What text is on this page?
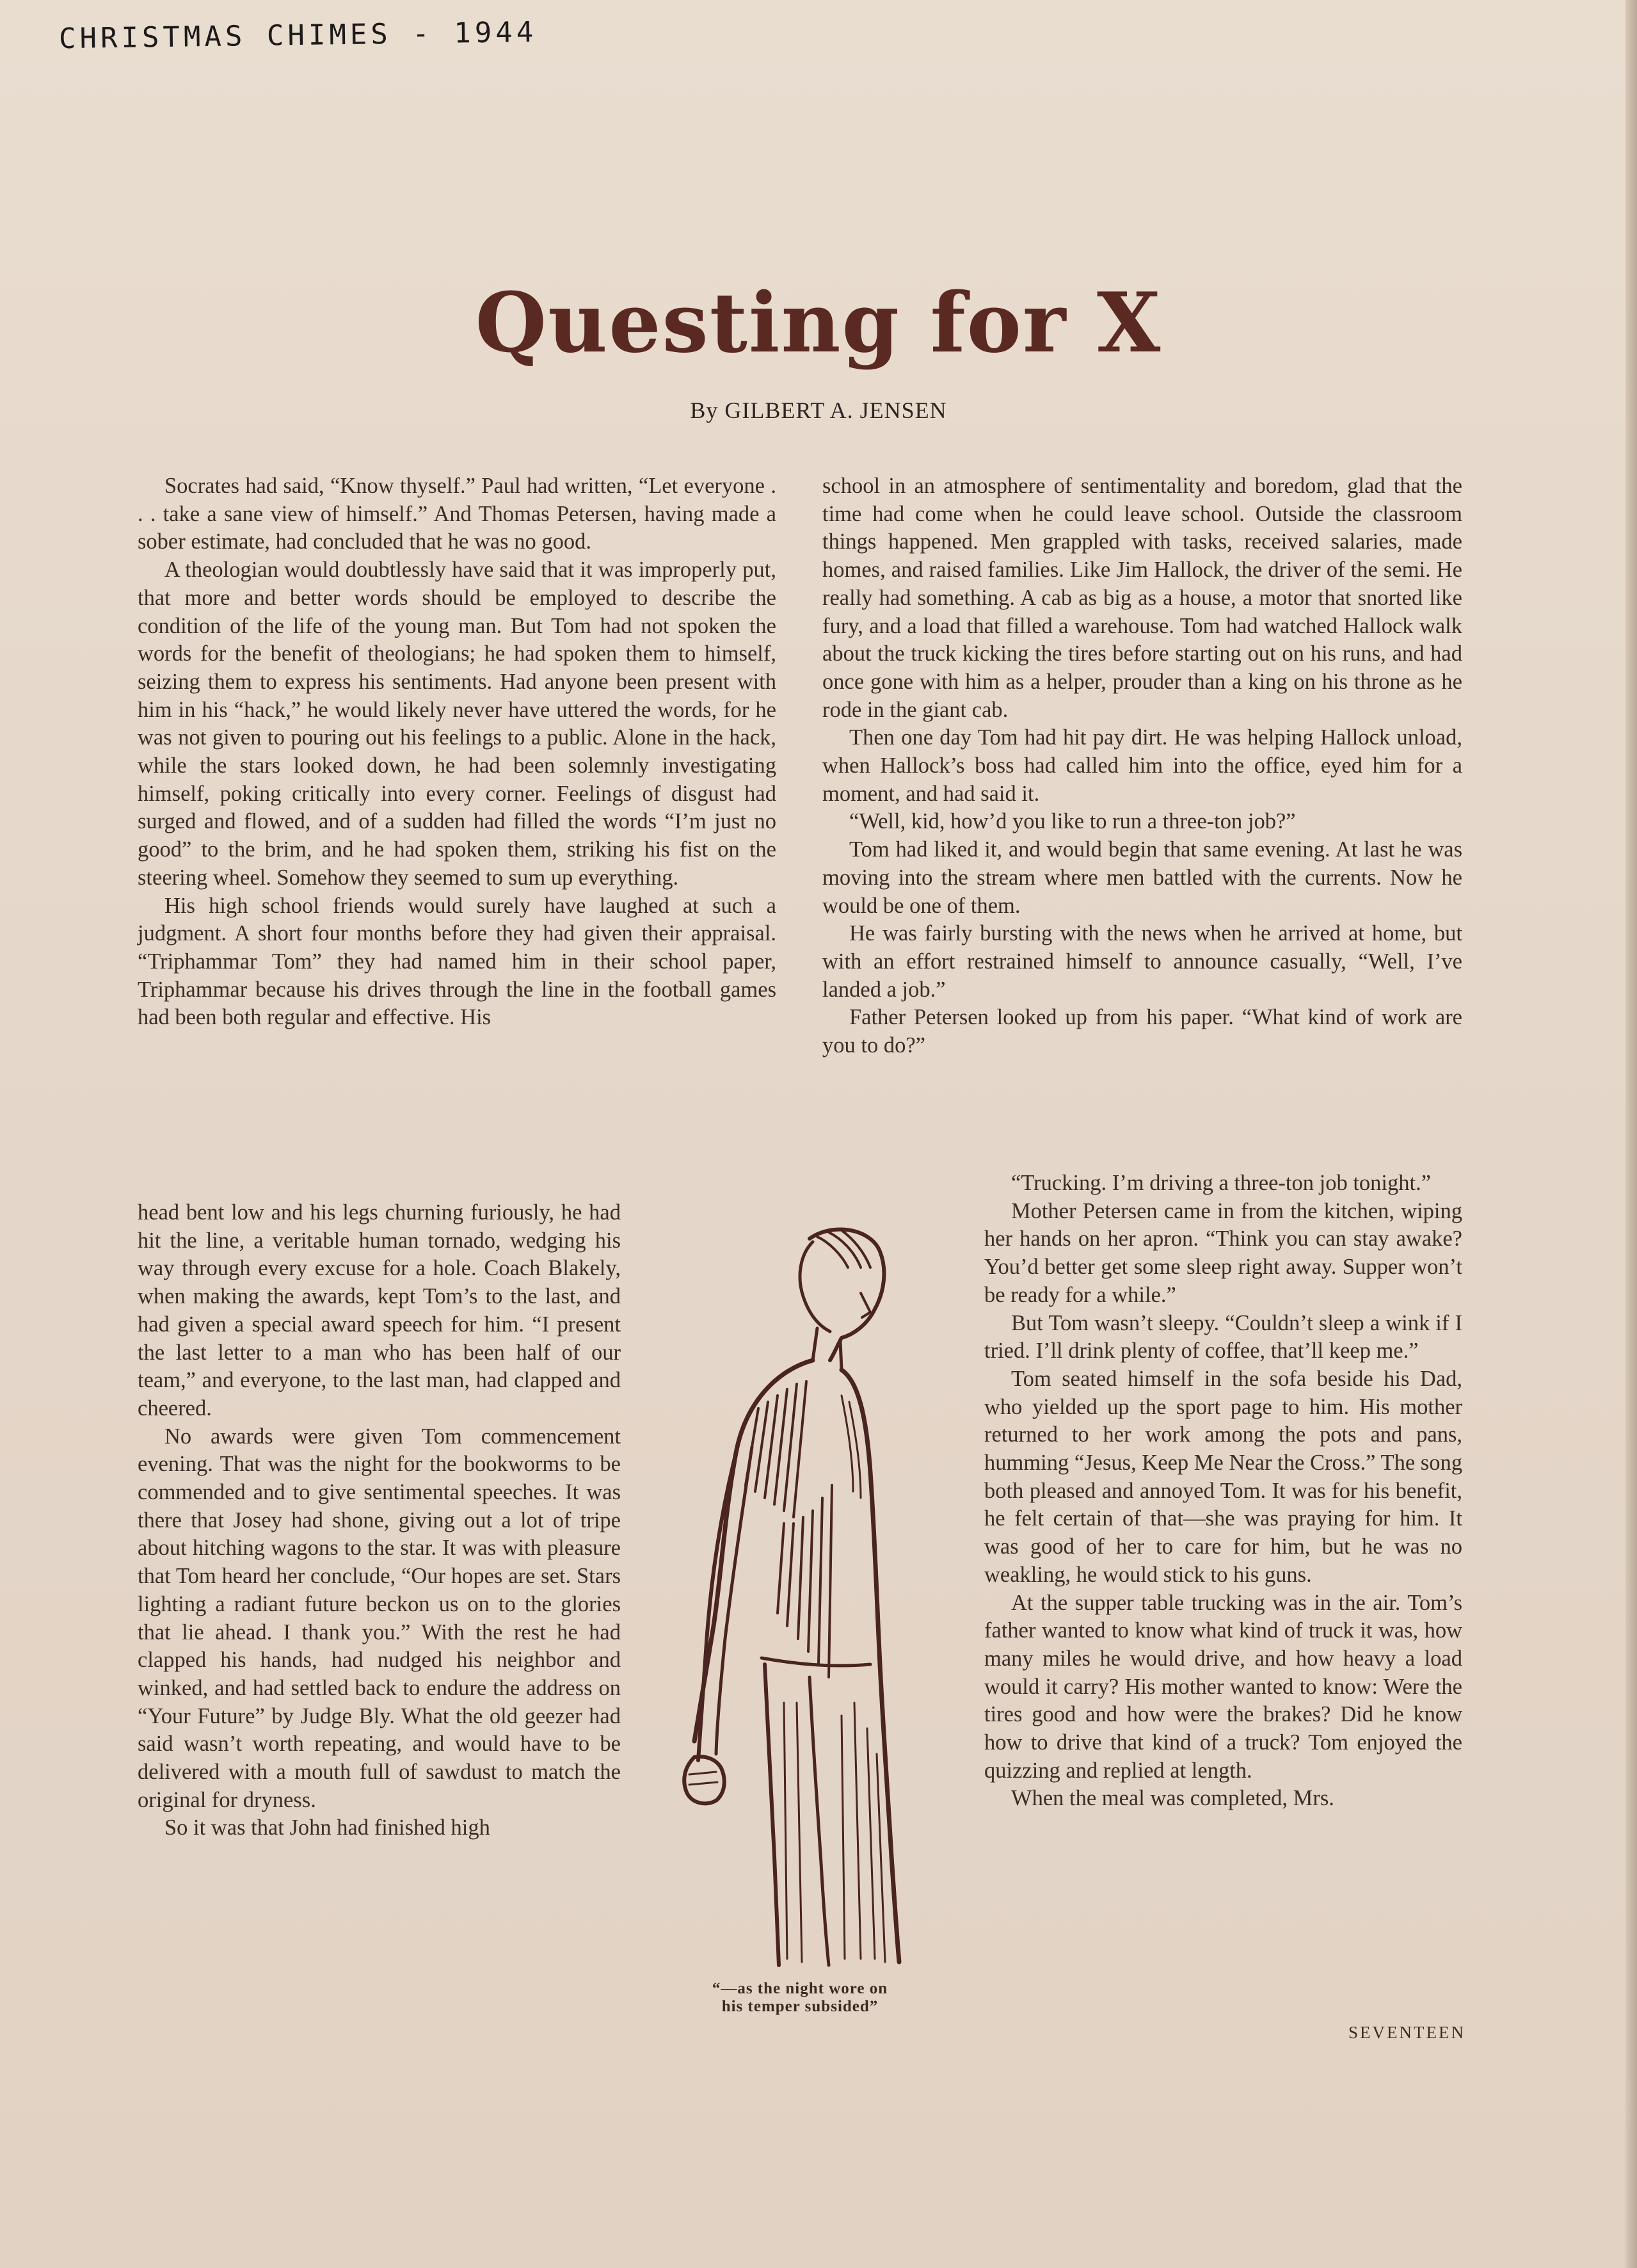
CHRISTMAS CHIMES - 1944
Questing for X
By GILBERT A. JENSEN

Socrates had said, “Know thyself.” Paul had written, “Let everyone . . . take a sane view of himself.” And Thomas Petersen, having made a sober estimate, had concluded that he was no good.

A theologian would doubtlessly have said that it was improperly put, that more and better words should be employed to describe the condition of the life of the young man. But Tom had not spoken the words for the benefit of theologians; he had spoken them to himself, seizing them to express his sentiments. Had anyone been present with him in his “hack,” he would likely never have uttered the words, for he was not given to pouring out his feelings to a public. Alone in the hack, while the stars looked down, he had been solemnly investigating himself, poking critically into every corner. Feelings of disgust had surged and flowed, and of a sudden had filled the words “I’m just no good” to the brim, and he had spoken them, striking his fist on the steering wheel. Somehow they seemed to sum up everything.

His high school friends would surely have laughed at such a judgment. A short four months before they had given their appraisal. “Triphammar Tom” they had named him in their school paper, Triphammar because his drives through the line in the football games had been both regular and effective. His

head bent low and his legs churning furiously, he had hit the line, a veritable human tornado, wedging his way through every excuse for a hole. Coach Blakely, when making the awards, kept Tom’s to the last, and had given a special award speech for him. “I present the last letter to a man who has been half of our team,” and everyone, to the last man, had clapped and cheered.

No awards were given Tom commencement evening. That was the night for the bookworms to be commended and to give sentimental speeches. It was there that Josey had shone, giving out a lot of tripe about hitching wagons to the star. It was with pleasure that Tom heard her conclude, “Our hopes are set. Stars lighting a radiant future beckon us on to the glories that lie ahead. I thank you.” With the rest he had clapped his hands, had nudged his neighbor and winked, and had settled back to endure the address on “Your Future” by Judge Bly. What the old geezer had said wasn’t worth repeating, and would have to be delivered with a mouth full of sawdust to match the original for dryness.

So it was that John had finished high

school in an atmosphere of sentimentality and boredom, glad that the time had come when he could leave school. Outside the classroom things happened. Men grappled with tasks, received salaries, made homes, and raised families. Like Jim Hallock, the driver of the semi. He really had something. A cab as big as a house, a motor that snorted like fury, and a load that filled a warehouse. Tom had watched Hallock walk about the truck kicking the tires before starting out on his runs, and had once gone with him as a helper, prouder than a king on his throne as he rode in the giant cab.

Then one day Tom had hit pay dirt. He was helping Hallock unload, when Hallock’s boss had called him into the office, eyed him for a moment, and had said it.

“Well, kid, how’d you like to run a three-ton job?”

Tom had liked it, and would begin that same evening. At last he was moving into the stream where men battled with the currents. Now he would be one of them.

He was fairly bursting with the news when he arrived at home, but with an effort restrained himself to announce casually, “Well, I’ve landed a job.”

Father Petersen looked up from his paper. “What kind of work are you to do?”

“Trucking. I’m driving a three-ton job tonight.”

Mother Petersen came in from the kitchen, wiping her hands on her apron. “Think you can stay awake? You’d better get some sleep right away. Supper won’t be ready for a while.”

But Tom wasn’t sleepy. “Couldn’t sleep a wink if I tried. I’ll drink plenty of coffee, that’ll keep me.”

Tom seated himself in the sofa beside his Dad, who yielded up the sport page to him. His mother returned to her work among the pots and pans, humming “Jesus, Keep Me Near the Cross.” The song both pleased and annoyed Tom. It was for his benefit, he felt certain of that—she was praying for him. It was good of her to care for him, but he was no weakling, he would stick to his guns.

At the supper table trucking was in the air. Tom’s father wanted to know what kind of truck it was, how many miles he would drive, and how heavy a load would it carry? His mother wanted to know: Were the tires good and how were the brakes? Did he know how to drive that kind of a truck? Tom enjoyed the quizzing and replied at length.

When the meal was completed, Mrs.

“—as the night wore on
his temper subsided”
SEVENTEEN
